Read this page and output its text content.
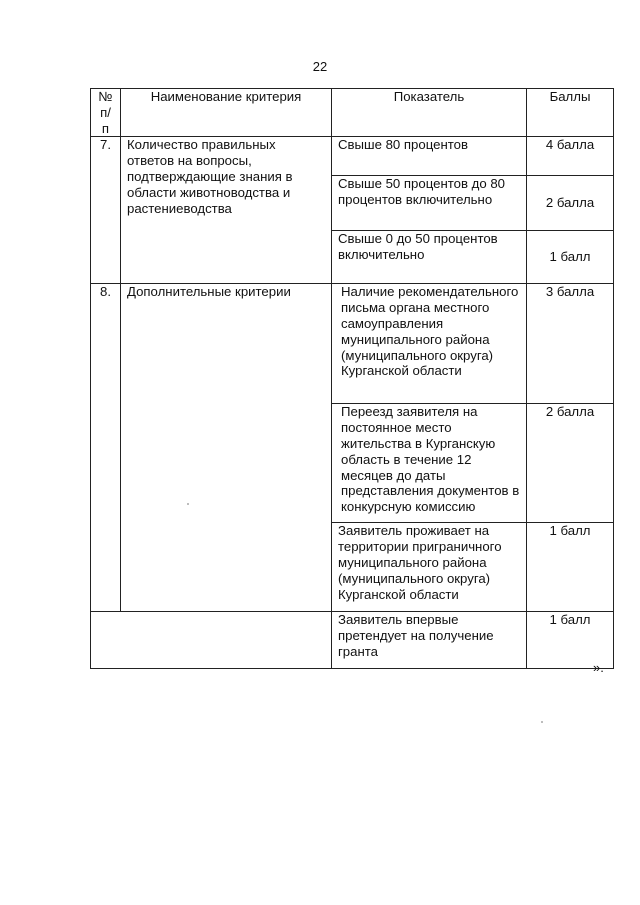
22
№ п/п	Наименование критерия	Показатель	Баллы
7.	Количество правильных ответов на вопросы, подтверждающие знания в области животноводства и растениеводства	Свыше 80 процентов	4 балла
		Свыше 50 процентов до 80 процентов включительно	2 балла
		Свыше 0 до 50 процентов включительно	1 балл
8.	Дополнительные критерии	Наличие рекомендательного письма органа местного самоуправления муниципального района (муниципального округа) Курганской области	3 балла
		Переезд заявителя на постоянное место жительства в Курганскую область в течение 12 месяцев до даты представления документов в конкурсную комиссию	2 балла
		Заявитель проживает на территории приграничного муниципального района (муниципального округа) Курганской области	1 балл
		Заявитель впервые претендует на получение гранта	1 балл
».
